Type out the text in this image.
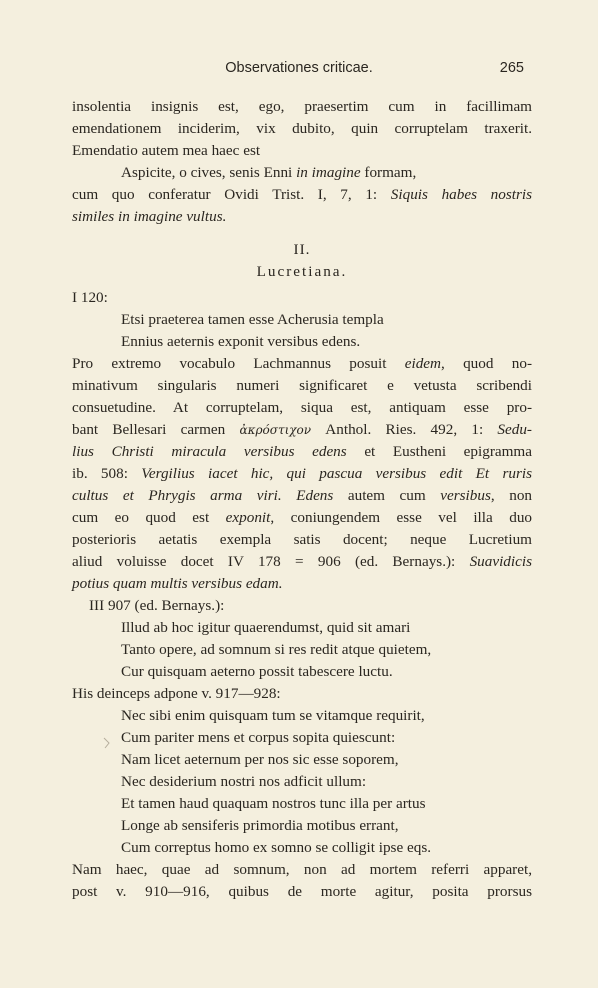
Observationes criticae.	265
insolentia insignis est, ego, praesertim cum in facillimam
emendationem inciderim, vix dubito, quin corruptelam traxerit.
Emendatio autem mea haec est
Aspicite, o cives, senis Enni in imagine formam,
cum quo conferatur Ovidi Trist. I, 7, 1: Siquis habes nostris
similes in imagine vultus.
II.
Lucretiana.
I 120:
Etsi praeterea tamen esse Acherusia templa
Ennius aeternis exponit versibus edens.
Pro extremo vocabulo Lachmannus posuit eidem, quod no-
minativum singularis numeri significaret e vetusta scribendi
consuetudine. At corruptelam, siqua est, antiquam esse pro-
bant Bellesari carmen ἀκρόστιχον Anthol. Ries. 492, 1: Sedu-
lius Christi miracula versibus edens et Eustheni epigramma
ib. 508: Vergilius iacet hic, qui pascua versibus edit Et ruris
cultus et Phrygis arma viri. Edens autem cum versibus, non
cum eo quod est exponit, coniungendem esse vel illa duo
posterioris aetatis exempla satis docent; neque Lucretium
aliud voluisse docet IV 178 = 906 (ed. Bernays.): Suavidicis
potius quam multis versibus edam.
III 907 (ed. Bernays.):
Illud ab hoc igitur quaerendumst, quid sit amari
Tanto opere, ad somnum si res redit atque quietem,
Cur quisquam aeterno possit tabescere luctu.
His deinceps adpone v. 917—928:
Nec sibi enim quisquam tum se vitamque requirit,
Cum pariter mens et corpus sopita quiescunt:
Nam licet aeternum per nos sic esse soporem,
Nec desiderium nostri nos adficit ullum:
Et tamen haud quaquam nostros tunc illa per artus
Longe ab sensiferis primordia motibus errant,
Cum correptus homo ex somno se colligit ipse eqs.
Nam haec, quae ad somnum, non ad mortem referri apparet,
post v. 910—916, quibus de morte agitur, posita prorsus
